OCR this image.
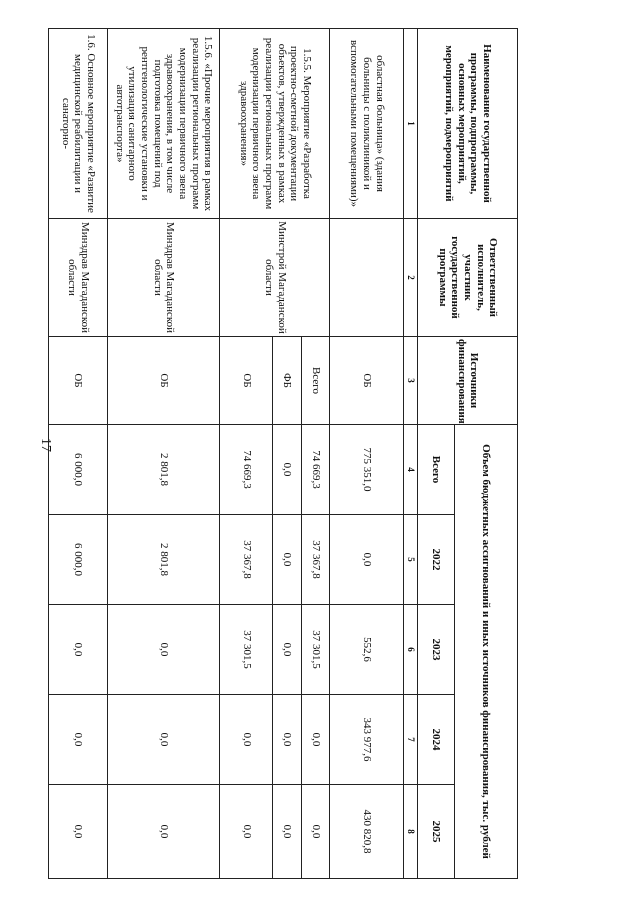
17
Наименование государственной программы, подпрограммы, основных мероприятий, мероприятий, подмероприятий	Ответственный исполнитель, участник государственной программы	Источники финансирования	Объем бюджетных ассигнований и иных источников финансирования, тыс. рублей				
			Всего	2022	2023	2024	2025
1	2	3	4	5	6	7	8
областная больница» (здания больницы с поликлиникой и вспомогательными помещениями)»		ОБ	775 351,0	0,0	552,6	343 977,6	430 820,8
1.5.5. Мероприятие «Разработка проектно-сметной документации объектов, утвержденных в рамках реализации региональных программ модернизации первичного звена здравоохранения»	Минстрой Магаданской области	Всего	74 669,3	37 367,8	37 301,5	0,0	0,0
		ФБ	0,0	0,0	0,0	0,0	0,0
		ОБ	74 669,3	37 367,8	37 301,5	0,0	0,0
1.5.6. «Прочие мероприятия в рамках реализации региональных программ модернизации первичного звена здравоохранения, в том числе подготовка помещений под рентгенологические установки и утилизация санитарного автотранспорта»	Минздрав Магаданской области	ОБ	2 801,8	2 801,8	0,0	0,0	0,0
1.6. Основное мероприятие «Развитие медицинской реабилитации и санаторно-	Минздрав Магаданской области	ОБ	6 000,0	6 000,0	0,0	0,0	0,0
